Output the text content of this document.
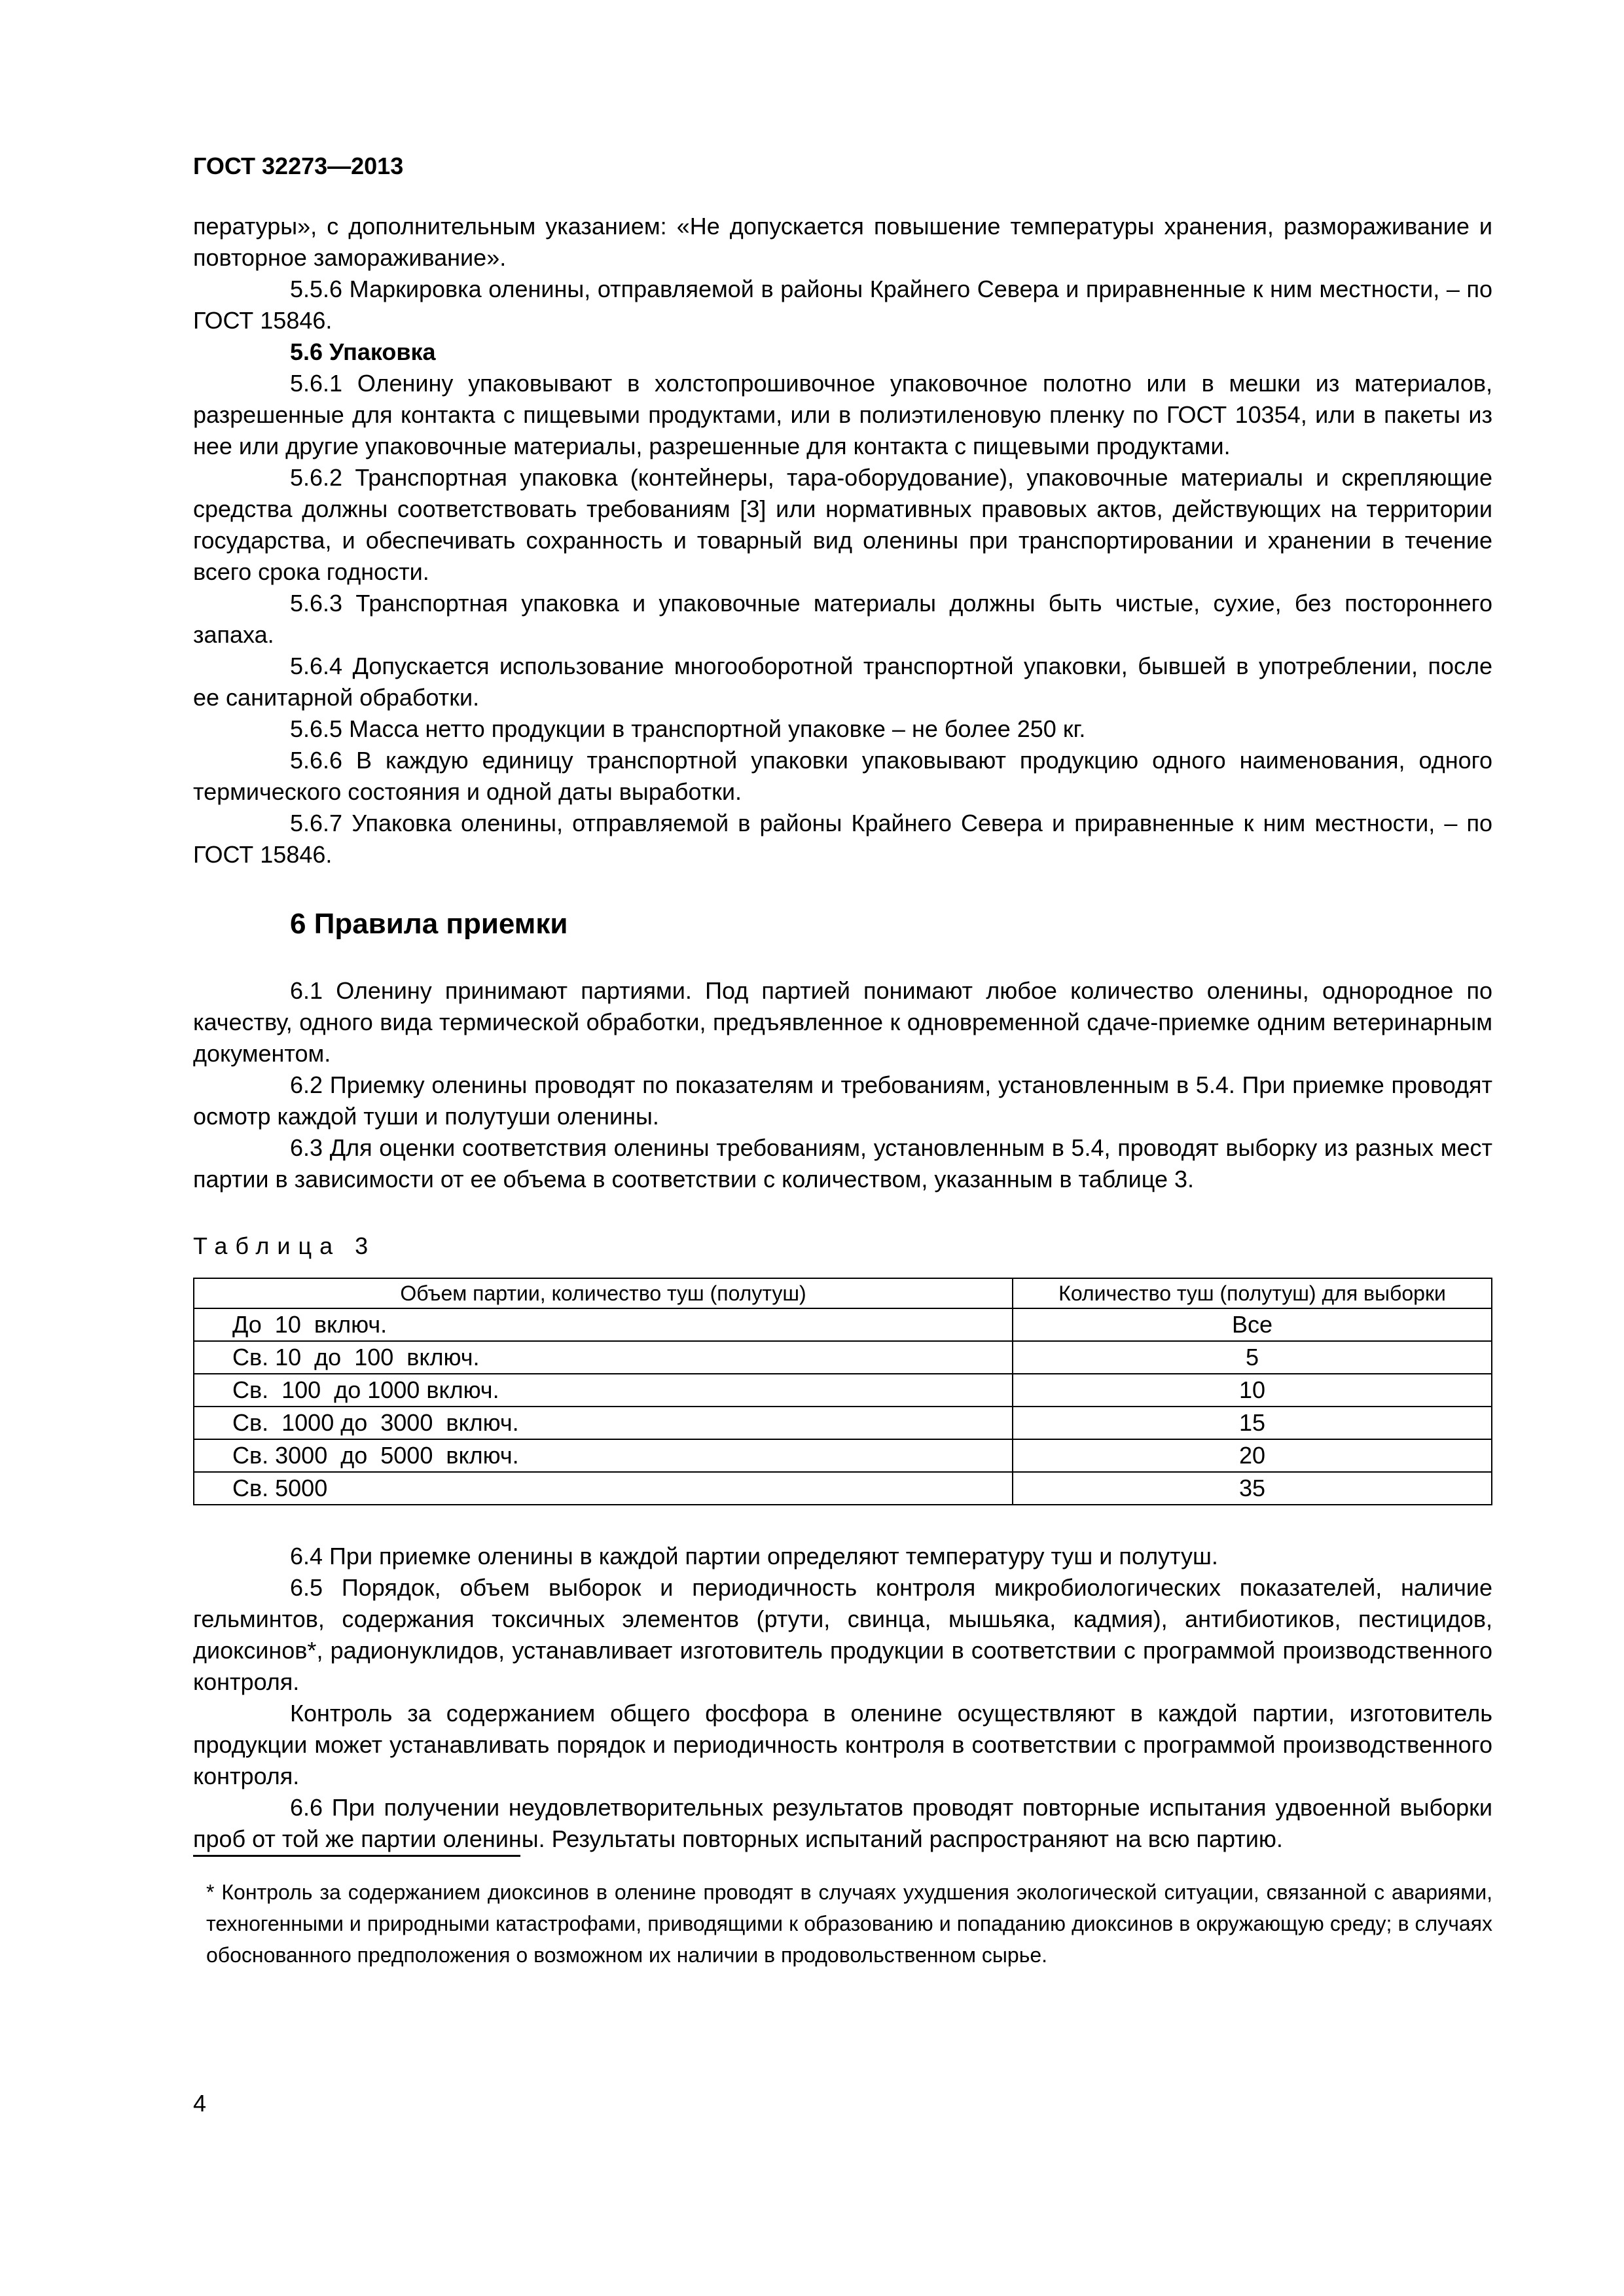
ГОСТ 32273—2013

пературы», с дополнительным указанием: «Не допускается повышение температуры хранения, размораживание и повторное замораживание».

5.5.6 Маркировка оленины, отправляемой в районы Крайнего Севера и приравненные к ним местности, – по ГОСТ 15846.

5.6 Упаковка

5.6.1 Оленину упаковывают в холстопрошивочное упаковочное полотно или в мешки из материалов, разрешенные для контакта с пищевыми продуктами, или в полиэтиленовую пленку по ГОСТ 10354, или в пакеты из нее или другие упаковочные материалы, разрешенные для контакта с пищевыми продуктами.

5.6.2 Транспортная упаковка (контейнеры, тара-оборудование), упаковочные материалы и скрепляющие средства должны соответствовать требованиям [3] или нормативных правовых актов, действующих на территории государства, и обеспечивать сохранность и товарный вид оленины при транспортировании и хранении в течение всего срока годности.

5.6.3 Транспортная упаковка и упаковочные материалы должны быть чистые, сухие, без постороннего запаха.

5.6.4 Допускается использование многооборотной транспортной упаковки, бывшей в употреблении, после ее санитарной обработки.

5.6.5 Масса нетто продукции в транспортной упаковке – не более 250 кг.

5.6.6 В каждую единицу транспортной упаковки упаковывают продукцию одного наименования, одного термического состояния и одной даты выработки.

5.6.7 Упаковка оленины, отправляемой в районы Крайнего Севера и приравненные к ним местности, – по ГОСТ 15846.

6 Правила приемки

6.1 Оленину принимают партиями. Под партией понимают любое количество оленины, однородное по качеству, одного вида термической обработки, предъявленное к одновременной сдаче-приемке одним ветеринарным документом.

6.2 Приемку оленины проводят по показателям и требованиям, установленным в 5.4. При приемке проводят осмотр каждой туши и полутуши оленины.

6.3 Для оценки соответствия оленины требованиям, установленным в 5.4, проводят выборку из разных мест партии в зависимости от ее объема в соответствии с количеством, указанным в таблице 3.

Таблица 3
Объем партии, количество туш (полутуш)	Количество туш (полутуш) для выборки
До  10  включ.	Все
Св. 10  до  100  включ.	5
Св.  100  до 1000 включ.	10
Св.  1000 до  3000  включ.	15
Св. 3000  до  5000  включ.	20
Св. 5000	35

6.4 При приемке оленины в каждой партии определяют температуру туш и полутуш.

6.5 Порядок, объем выборок и периодичность контроля микробиологических показателей, наличие гельминтов, содержания токсичных элементов (ртути, свинца, мышьяка, кадмия), антибиотиков, пестицидов, диоксинов*, радионуклидов, устанавливает изготовитель продукции в соответствии с программой производственного контроля.

Контроль за содержанием общего фосфора в оленине осуществляют в каждой партии, изготовитель продукции может устанавливать порядок и периодичность контроля в соответствии с программой производственного контроля.

6.6 При получении неудовлетворительных результатов проводят повторные испытания удвоенной выборки проб от той же партии оленины. Результаты повторных испытаний распространяют на всю партию.

* Контроль за содержанием диоксинов в оленине проводят в случаях ухудшения экологической ситуации, связанной с авариями, техногенными и природными катастрофами, приводящими к образованию и попаданию диоксинов в окружающую среду; в случаях обоснованного предположения о возможном их наличии в продовольственном сырье.

4
